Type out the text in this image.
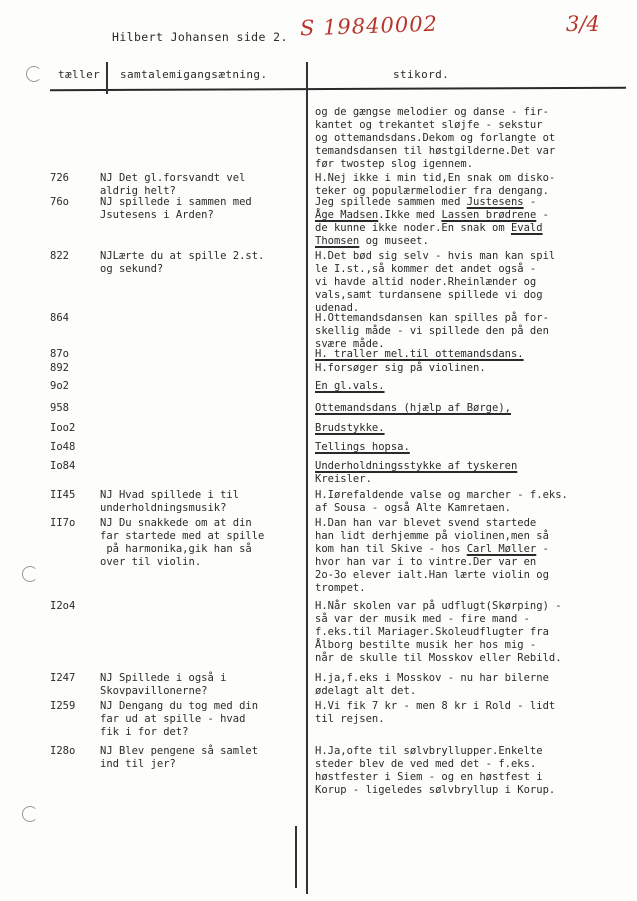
Hilbert Johansen side 2. S 19840002	3/4
tæller samtalemigangsætning.	stikord.
og de gængse melodier og danse - fir-
kantet og trekantet sløjfe - sekstur
og ottemandsdans.Dekom og forlangte ot
temandsdansen til høstgilderne.Det var
før twostep slog igennem.
726	NJ Det gl.forsvandt vel
aldrig helt?
H.Nej ikke i min tid,En snak om disko-
teker og populærmelodier fra dengang.
76o	NJ spillede i sammen med
Jsutesens i Arden?
Jeg spillede sammen med Justesens -
Åge Madsen.Ikke med Lassen brødrene -
de kunne ikke noder.En snak om Evald
Thomsen og museet.
822	NJLærte du at spille 2.st.
og sekund?
H.Det bød sig selv - hvis man kan spil
le I.st.,så kommer det andet også -
vi havde altid noder.Rheinlænder og
vals,samt turdansene spillede vi dog
udenad.
864	H.Ottemandsdansen kan spilles på for-
skellig måde - vi spillede den på den
svære måde.
87o	H. traller mel.til ottemandsdans.
892	H.forsøger sig på violinen.
9o2	En gl.vals.
958	Ottemandsdans (hjælp af Børge),
Ioo2	Brudstykke.
Io48	Tellings hopsa.
Io84	Underholdningsstykke af tyskeren
Kreisler.
II45 NJ Hvad spillede i til
underholdningsmusik?
H.Iørefaldende valse og marcher - f.eks.
af Sousa - også Alte Kamretaen.
II7o NJ Du snakkede om at din
far startede med at spille
på harmonika,gik han så
over til violin.
H.Dan han var blevet svend startede
han lidt derhjemme på violinen,men så
kom han til Skive - hos Carl Møller -
hvor han var i to vintre.Der var en
2o-3o elever ialt.Han lærte violin og
trompet.
I2o4	H.Når skolen var på udflugt(Skørping) -
så var der musik med - fire mand -
f.eks.til Mariager.Skoleudflugter fra
Ålborg bestilte musik her hos mig -
når de skulle til Mosskov eller Rebild.
I247 NJ Spillede i også i
Skovpavillonerne?
H.ja,f.eks i Mosskov - nu har bilerne
ødelagt alt det.
I259 NJ Dengang du tog med din
far ud at spille - hvad
fik i for det?
H.Vi fik 7 kr - men 8 kr i Rold - lidt
til rejsen.
I28o NJ Blev pengene så samlet
ind til jer?
H.Ja,ofte til sølvbryllupper.Enkelte
steder blev de ved med det - f.eks.
høstfester i Siem - og en høstfest i
Korup - ligeledes sølvbryllup i Korup.
